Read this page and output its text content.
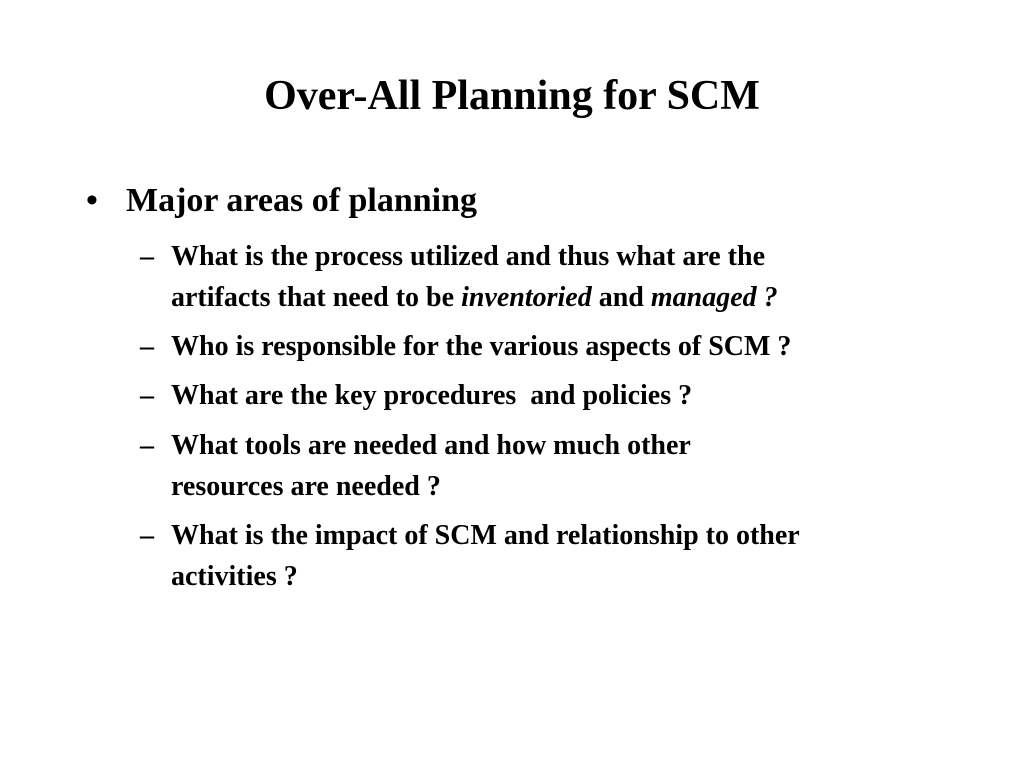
Over-All Planning for SCM
• Major areas of planning
– What is the process utilized and thus what are the
artifacts that need to be inventoried and managed ?
– Who is responsible for the various aspects of SCM ?
– What are the key procedures  and policies ?
– What tools are needed and how much other
resources are needed ?
– What is the impact of SCM and relationship to other
activities ?
